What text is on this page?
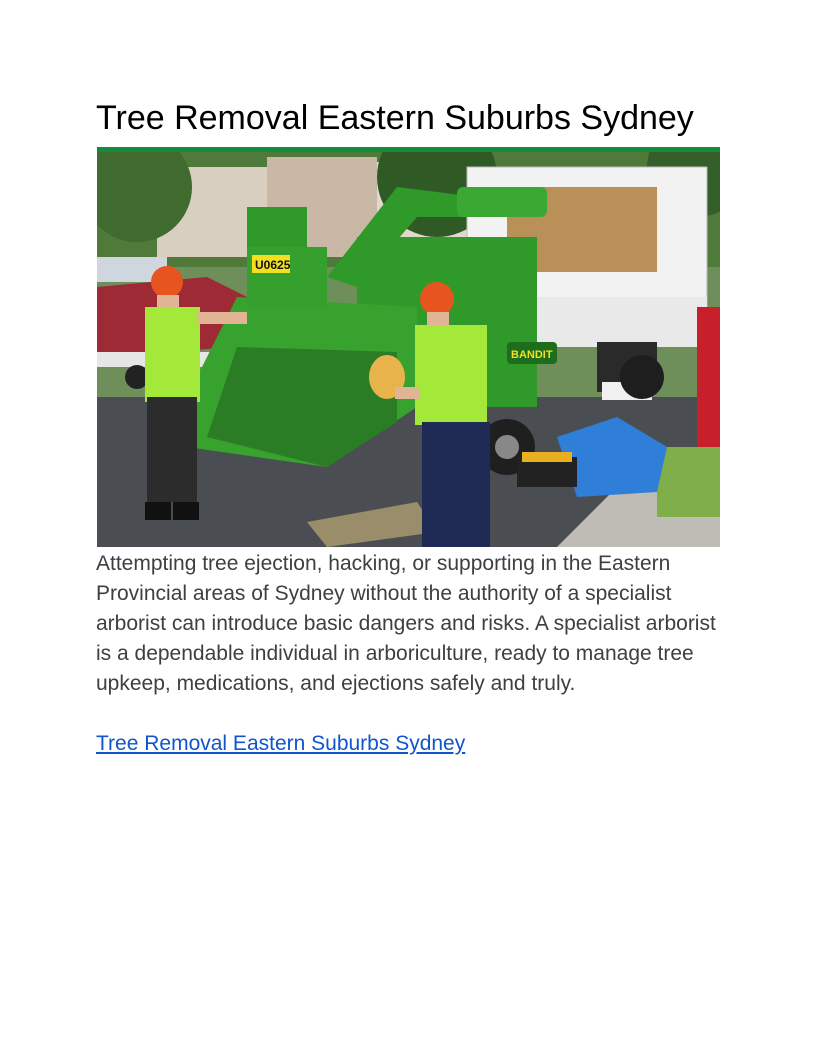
Tree Removal Eastern Suburbs Sydney
U0625
BANDIT

Attempting tree ejection, hacking, or supporting in the Eastern Provincial areas of Sydney without the authority of a specialist arborist can introduce basic dangers and risks. A specialist arborist is a dependable individual in arboriculture, ready to manage tree upkeep, medications, and ejections safely and truly.

Tree Removal Eastern Suburbs Sydney
